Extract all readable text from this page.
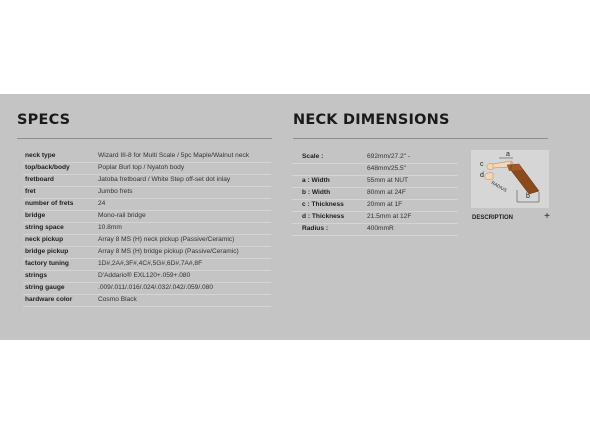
SPECS
neck type	Wizard III-8 for Multi Scale / 5pc Maple/Walnut neck
top/back/body	Poplar Burl top / Nyatoh body
fretboard	Jatoba fretboard / White Step off-set dot inlay
fret	Jumbo frets
number of frets	24
bridge	Mono-rail bridge
string space	10.8mm
neck pickup	Array 8 MS (H) neck pickup (Passive/Ceramic)
bridge pickup	Array 8 MS (H) bridge pickup (Passive/Ceramic)
factory tuning	1D#,2A#,3F#,4C#,5G#,6D#,7A#,8F
strings	D'Addario® EXL120+.059+.080
string gauge	.009/.011/.016/.024/.032/.042/.059/.080
hardware color	Cosmo Black
NECK DIMENSIONS
Scale :	692mm/27.2" -
648mm/25.5"
a : Width	55mm at NUT
b : Width	80mm at 24F
c : Thickness	20mm at 1F
d : Thickness	21.5mm at 12F
Radius :	400mmR
a
c
d
b
RADIUS
DESCRIPTION	+
